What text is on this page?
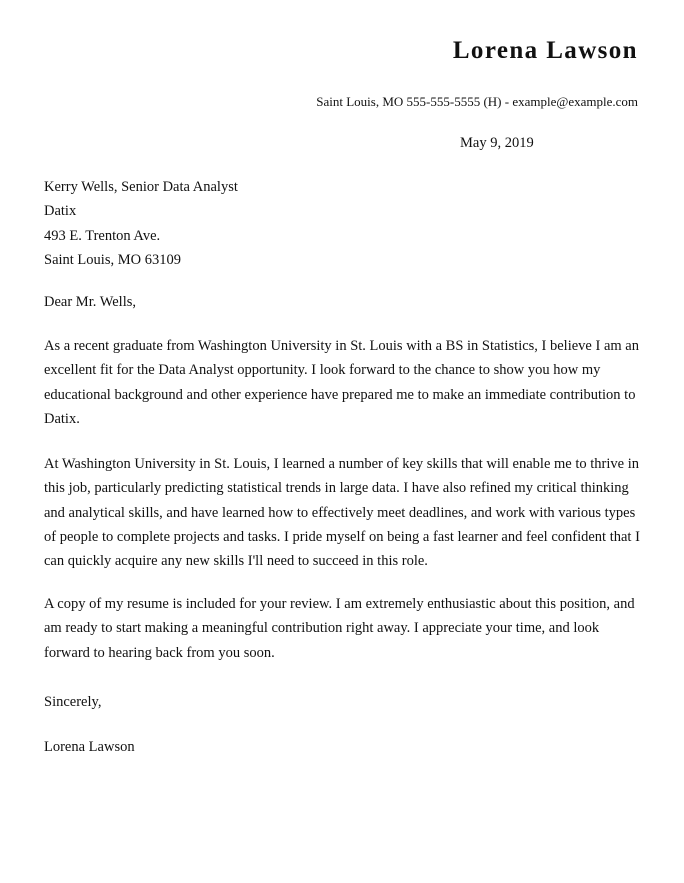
Lorena Lawson
Saint Louis, MO 555-555-5555 (H) - example@example.com
May 9, 2019
Kerry Wells, Senior Data Analyst
Datix
493 E. Trenton Ave.
Saint Louis, MO 63109
Dear Mr. Wells,

As a recent graduate from Washington University in St. Louis with a BS in Statistics, I believe I am an excellent fit for the Data Analyst opportunity. I look forward to the chance to show you how my educational background and other experience have prepared me to make an immediate contribution to Datix.

At Washington University in St. Louis, I learned a number of key skills that will enable me to thrive in this job, particularly predicting statistical trends in large data. I have also refined my critical thinking and analytical skills, and have learned how to effectively meet deadlines, and work with various types of people to complete projects and tasks. I pride myself on being a fast learner and feel confident that I can quickly acquire any new skills I'll need to succeed in this role.

A copy of my resume is included for your review. I am extremely enthusiastic about this position, and am ready to start making a meaningful contribution right away. I appreciate your time, and look forward to hearing back from you soon.

Sincerely,
Lorena Lawson
